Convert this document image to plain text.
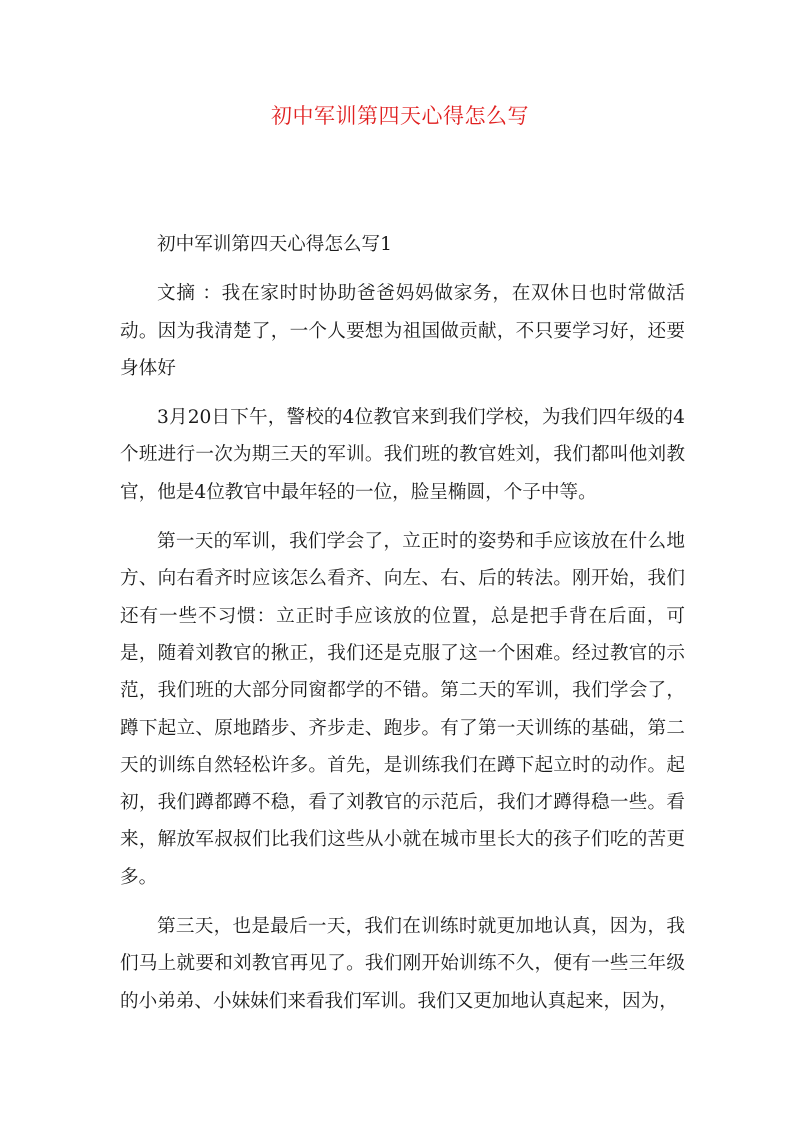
初中军训第四天心得怎么写

初中军训第四天心得怎么写1

文摘 ：我在家时时协助爸爸妈妈做家务，在双休日也时常做活动。因为我清楚了，一个人要想为祖国做贡献，不只要学习好，还要身体好

3月20日下午，警校的4位教官来到我们学校，为我们四年级的4个班进行一次为期三天的军训。我们班的教官姓刘，我们都叫他刘教官，他是4位教官中最年轻的一位，脸呈椭圆，个子中等。

第一天的军训，我们学会了，立正时的姿势和手应该放在什么地方、向右看齐时应该怎么看齐、向左、右、后的转法。刚开始，我们还有一些不习惯：立正时手应该放的位置，总是把手背在后面，可是，随着刘教官的揪正，我们还是克服了这一个困难。经过教官的示范，我们班的大部分同窗都学的不错。第二天的军训，我们学会了，蹲下起立、原地踏步、齐步走、跑步。有了第一天训练的基础，第二天的训练自然轻松许多。首先，是训练我们在蹲下起立时的动作。起初，我们蹲都蹲不稳，看了刘教官的示范后，我们才蹲得稳一些。看来，解放军叔叔们比我们这些从小就在城市里长大的孩子们吃的苦更多。

第三天，也是最后一天，我们在训练时就更加地认真，因为，我们马上就要和刘教官再见了。我们刚开始训练不久，便有一些三年级的小弟弟、小妹妹们来看我们军训。我们又更加地认真起来，因为，
